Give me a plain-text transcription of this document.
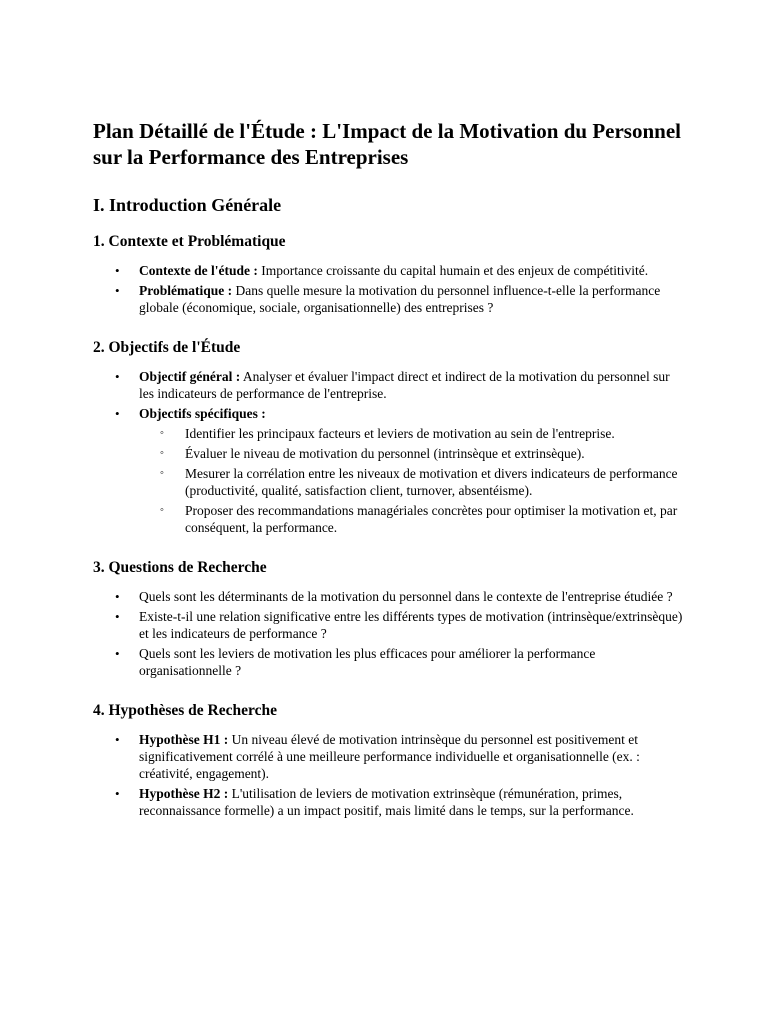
Plan Détaillé de l'Étude : L'Impact de la Motivation du Personnel sur la Performance des Entreprises
I. Introduction Générale
1. Contexte et Problématique
• Contexte de l'étude : Importance croissante du capital humain et des enjeux de compétitivité.
• Problématique : Dans quelle mesure la motivation du personnel influence-t-elle la performance globale (économique, sociale, organisationnelle) des entreprises ?
2. Objectifs de l'Étude
• Objectif général : Analyser et évaluer l'impact direct et indirect de la motivation du personnel sur les indicateurs de performance de l'entreprise.
• Objectifs spécifiques :
◦ Identifier les principaux facteurs et leviers de motivation au sein de l'entreprise.
◦ Évaluer le niveau de motivation du personnel (intrinsèque et extrinsèque).
◦ Mesurer la corrélation entre les niveaux de motivation et divers indicateurs de performance (productivité, qualité, satisfaction client, turnover, absentéisme).
◦ Proposer des recommandations managériales concrètes pour optimiser la motivation et, par conséquent, la performance.
3. Questions de Recherche
• Quels sont les déterminants de la motivation du personnel dans le contexte de l'entreprise étudiée ?
• Existe-t-il une relation significative entre les différents types de motivation (intrinsèque/extrinsèque) et les indicateurs de performance ?
• Quels sont les leviers de motivation les plus efficaces pour améliorer la performance organisationnelle ?
4. Hypothèses de Recherche
• Hypothèse H1 : Un niveau élevé de motivation intrinsèque du personnel est positivement et significativement corrélé à une meilleure performance individuelle et organisationnelle (ex. : créativité, engagement).
• Hypothèse H2 : L'utilisation de leviers de motivation extrinsèque (rémunération, primes, reconnaissance formelle) a un impact positif, mais limité dans le temps, sur la performance.
